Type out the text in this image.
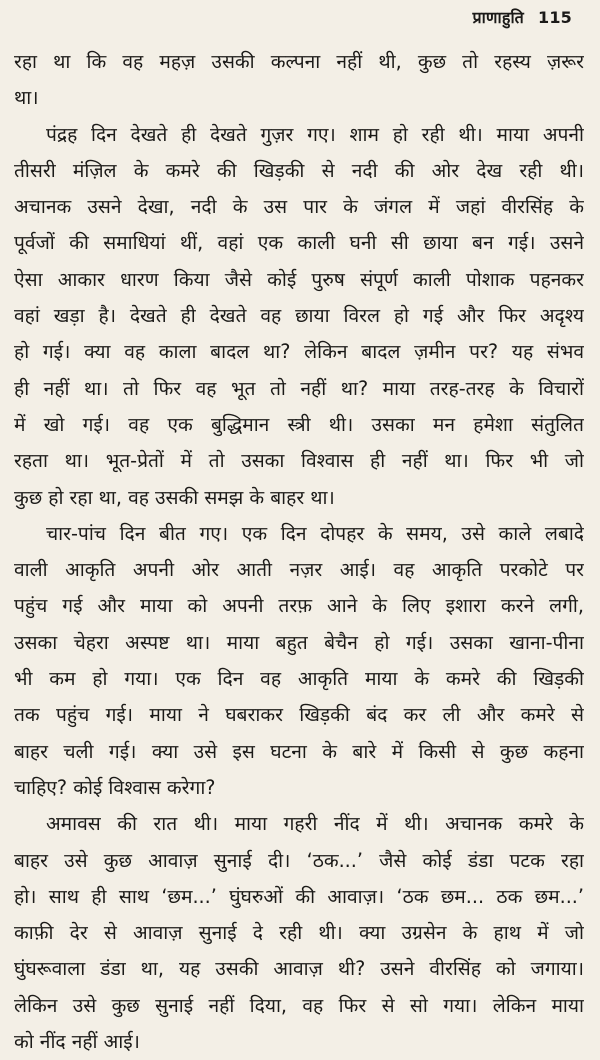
प्राणाहुति 115
रहा था कि वह महज़ उसकी कल्पना नहीं थी, कुछ तो रहस्य ज़रूर
था।
पंद्रह दिन देखते ही देखते गुज़र गए। शाम हो रही थी। माया अपनी
तीसरी मंज़िल के कमरे की खिड़की से नदी की ओर देख रही थी।
अचानक उसने देखा, नदी के उस पार के जंगल में जहां वीरसिंह के
पूर्वजों की समाधियां थीं, वहां एक काली घनी सी छाया बन गई। उसने
ऐसा आकार धारण किया जैसे कोई पुरुष संपूर्ण काली पोशाक पहनकर
वहां खड़ा है। देखते ही देखते वह छाया विरल हो गई और फिर अदृश्य
हो गई। क्या वह काला बादल था? लेकिन बादल ज़मीन पर? यह संभव
ही नहीं था। तो फिर वह भूत तो नहीं था? माया तरह-तरह के विचारों
में खो गई। वह एक बुद्धिमान स्त्री थी। उसका मन हमेशा संतुलित
रहता था। भूत-प्रेतों में तो उसका विश्वास ही नहीं था। फिर भी जो
कुछ हो रहा था, वह उसकी समझ के बाहर था।
चार-पांच दिन बीत गए। एक दिन दोपहर के समय, उसे काले लबादे
वाली आकृति अपनी ओर आती नज़र आई। वह आकृति परकोटे पर
पहुंच गई और माया को अपनी तरफ़ आने के लिए इशारा करने लगी,
उसका चेहरा अस्पष्ट था। माया बहुत बेचैन हो गई। उसका खाना-पीना
भी कम हो गया। एक दिन वह आकृति माया के कमरे की खिड़की
तक पहुंच गई। माया ने घबराकर खिड़की बंद कर ली और कमरे से
बाहर चली गई। क्या उसे इस घटना के बारे में किसी से कुछ कहना
चाहिए? कोई विश्वास करेगा?
अमावस की रात थी। माया गहरी नींद में थी। अचानक कमरे के
बाहर उसे कुछ आवाज़ सुनाई दी। ‘ठक...’ जैसे कोई डंडा पटक रहा
हो। साथ ही साथ ‘छम...’ घुंघरुओं की आवाज़। ‘ठक छम... ठक छम...’
काफ़ी देर से आवाज़ सुनाई दे रही थी। क्या उग्रसेन के हाथ में जो
घुंघरूवाला डंडा था, यह उसकी आवाज़ थी? उसने वीरसिंह को जगाया।
लेकिन उसे कुछ सुनाई नहीं दिया, वह फिर से सो गया। लेकिन माया
को नींद नहीं आई।
